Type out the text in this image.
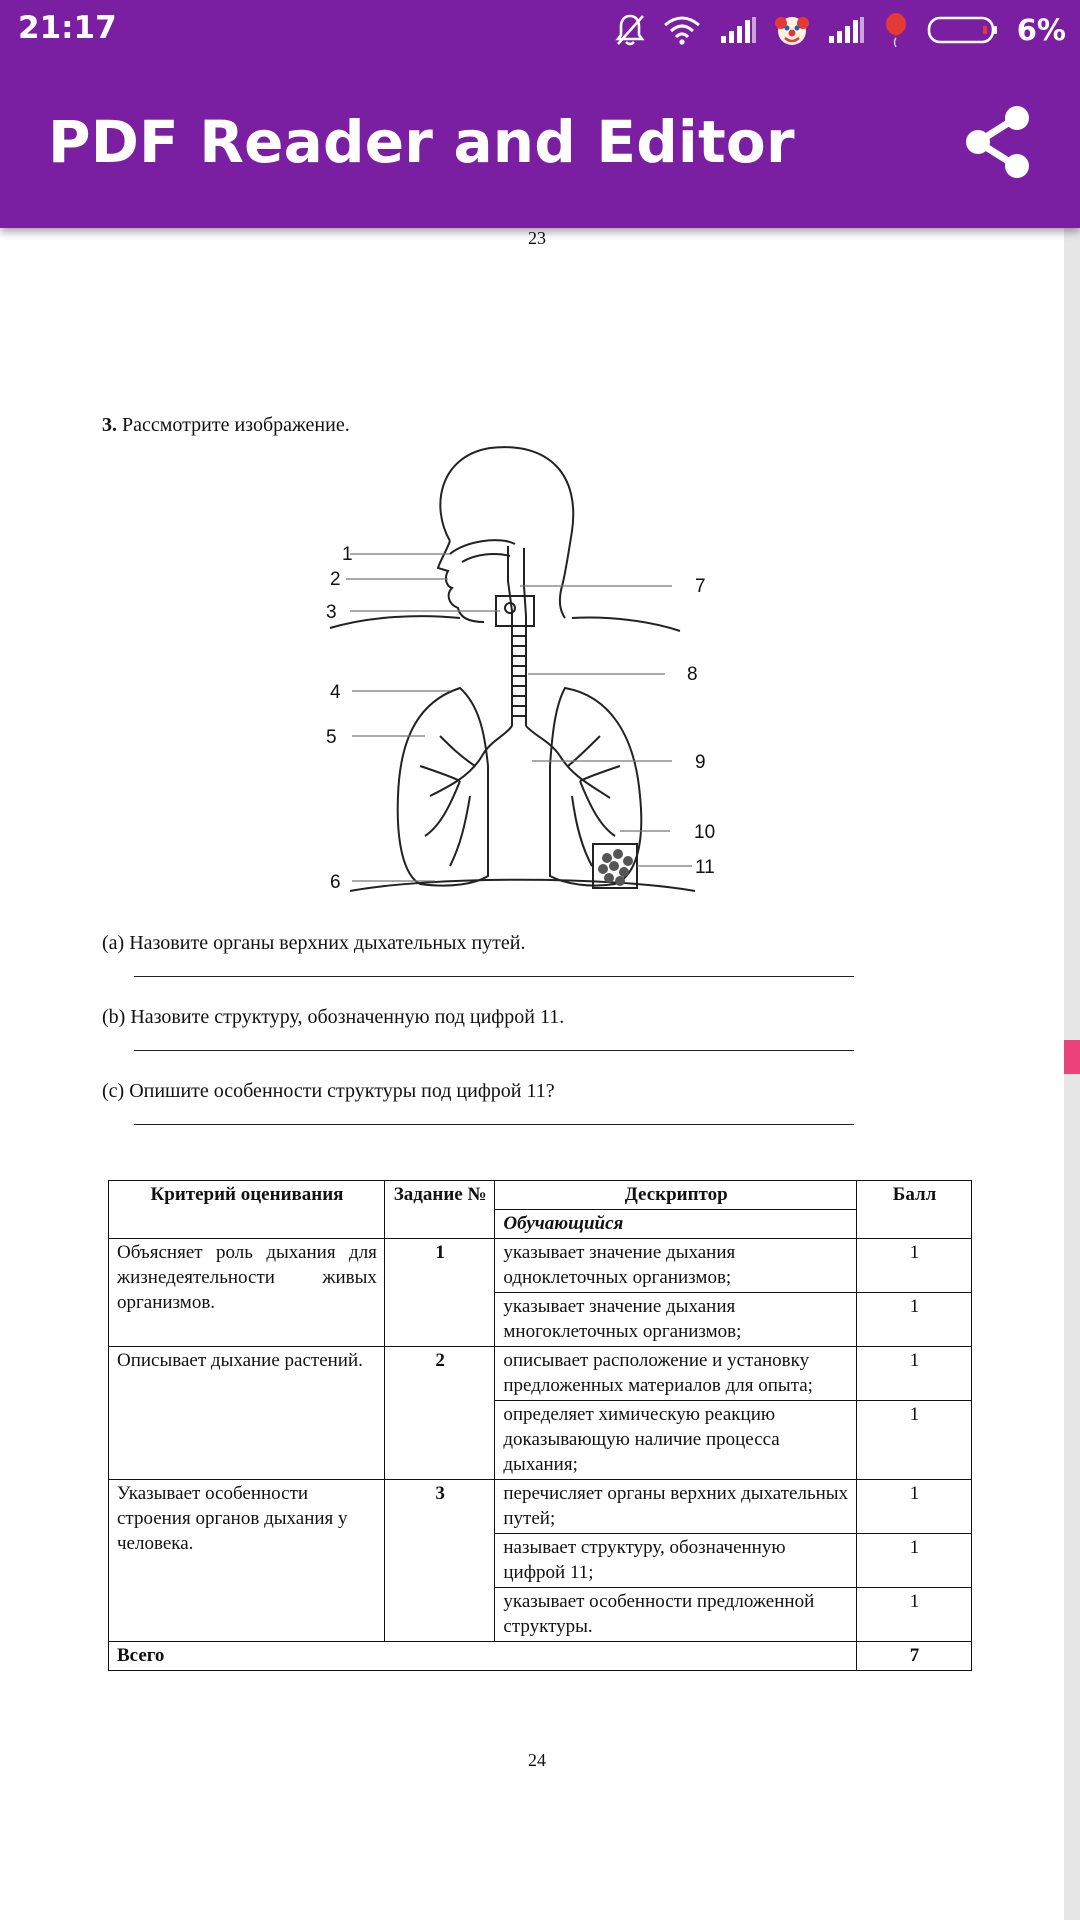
21:17	6%
PDF Reader and Editor
23
3. Рассмотрите изображение.
1
2
3
4
5
6
7
8
9
10
11
(a) Назовите органы верхних дыхательных путей.
(b) Назовите структуру, обозначенную под цифрой 11.
(c) Опишите особенности структуры под цифрой 11?
Критерий оценивания	Задание №	Дескриптор	Балл
		Обучающийся	
Объясняет роль дыхания для жизнедеятельности живых организмов.	1	указывает значение дыхания одноклеточных организмов;	1
		указывает значение дыхания многоклеточных организмов;	1
Описывает дыхание растений.	2	описывает расположение и установку предложенных материалов для опыта;	1
		определяет химическую реакцию доказывающую наличие процесса дыхания;	1
Указывает особенности строения органов дыхания у человека.	3	перечисляет органы верхних дыхательных путей;	1
		называет структуру, обозначенную цифрой 11;	1
		указывает особенности предложенной структуры.	1
Всего			7
24
